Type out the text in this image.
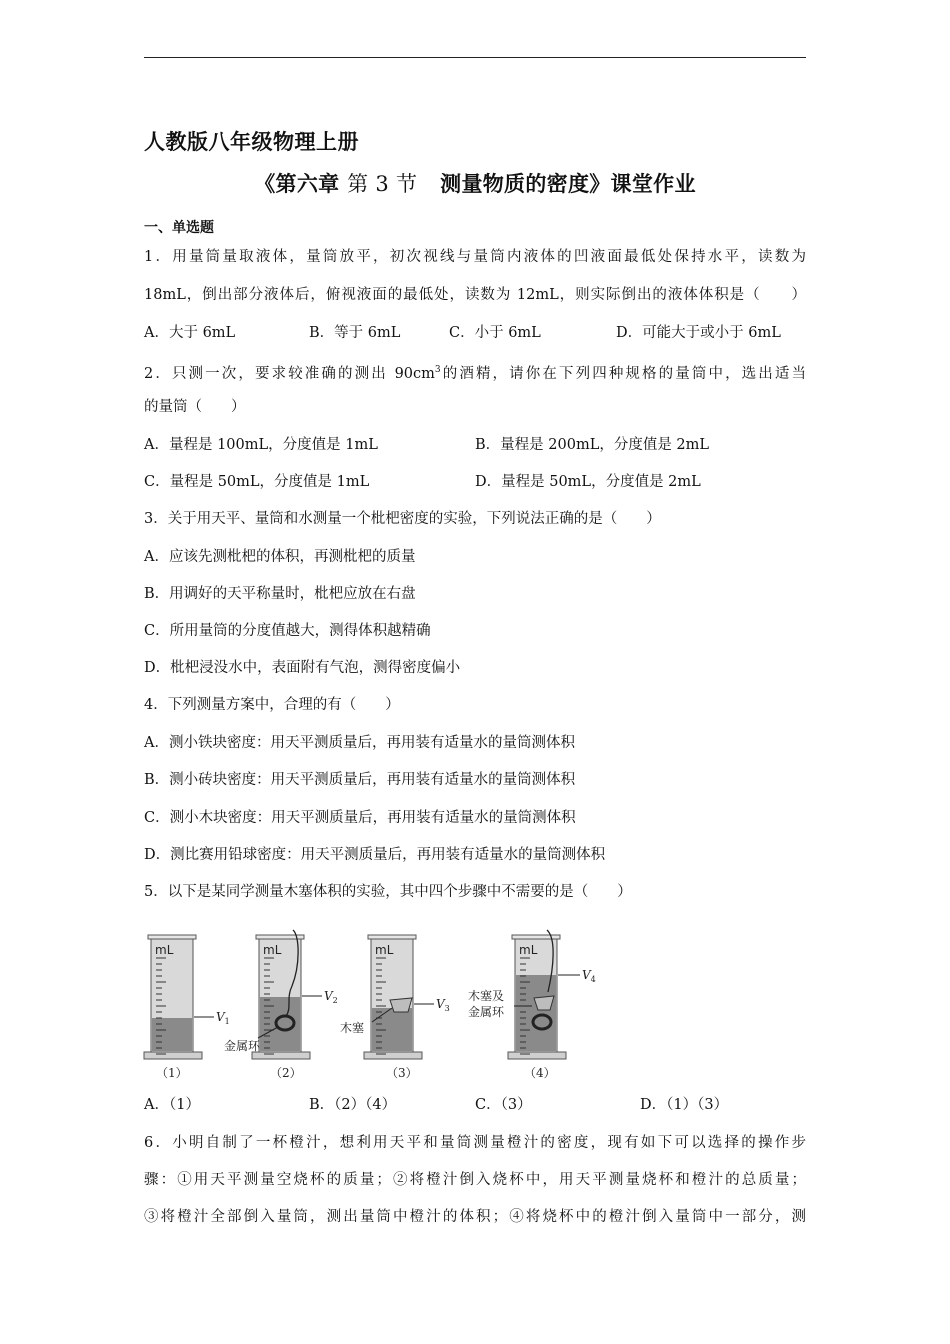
人教版八年级物理上册
《第六章 第 3 节 测量物质的密度》课堂作业
一、单选题
1．用量筒量取液体，量筒放平，初次视线与量筒内液体的凹液面最低处保持水平，读数为
18mL，倒出部分液体后，俯视液面的最低处，读数为 12mL，则实际倒出的液体体积是（　　）
A．大于 6mL	B．等于 6mL	C．小于 6mL	D．可能大于或小于 6mL
2．只测一次，要求较准确的测出 $90cm^3$的酒精，请你在下列四种规格的量筒中，选出适当
的量筒（　　）
A．量程是 100mL，分度值是 1mL	B．量程是 200mL，分度值是 2mL
C．量程是 50mL，分度值是 1mL	D．量程是 50mL，分度值是 2mL
3．关于用天平、量筒和水测量一个枇杷密度的实验，下列说法正确的是（　　）
A．应该先测枇杷的体积，再测枇杷的质量
B．用调好的天平称量时，枇杷应放在右盘
C．所用量筒的分度值越大，测得体积越精确
D．枇杷浸没水中，表面附有气泡，测得密度偏小
4．下列测量方案中，合理的有（　　）
A．测小铁块密度：用天平测质量后，再用装有适量水的量筒测体积
B．测小砖块密度：用天平测质量后，再用装有适量水的量筒测体积
C．测小木块密度：用天平测质量后，再用装有适量水的量筒测体积
D．测比赛用铅球密度：用天平测质量后，再用装有适量水的量筒测体积
5．以下是某同学测量木塞体积的实验，其中四个步骤中不需要的是（　　）
mL
$V_1$
（1）
mL
$V_2$
金属环
（2）
mL
$V_3$
木塞
（3）
mL
$V_4$
木塞及
金属环
（4）
A．（1）	B．（2）（4）	C．（3）	D．（1）（3）
6．小明自制了一杯橙汁，想利用天平和量筒测量橙汁的密度，现有如下可以选择的操作步
骤：①用天平测量空烧杯的质量；②将橙汁倒入烧杯中，用天平测量烧杯和橙汁的总质量；
③将橙汁全部倒入量筒，测出量筒中橙汁的体积；④将烧杯中的橙汁倒入量筒中一部分，测
